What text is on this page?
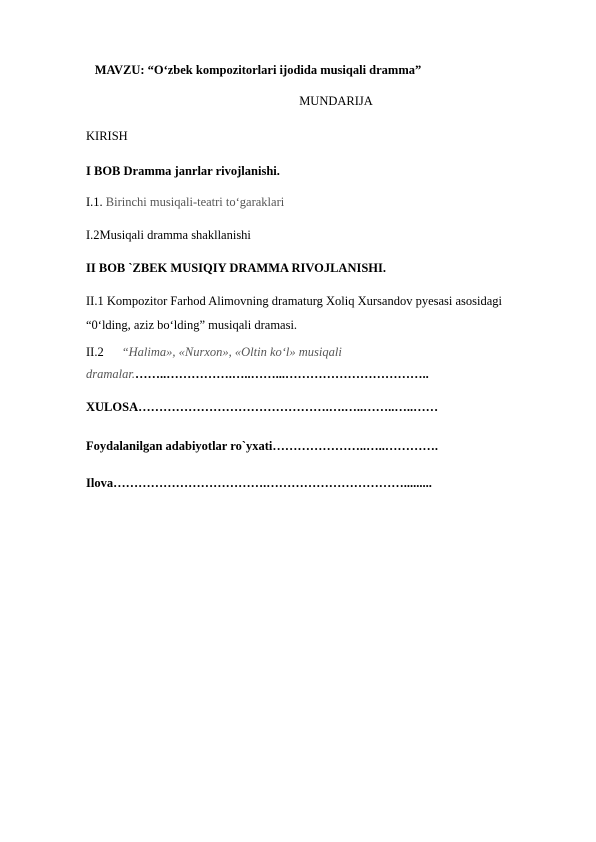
MAVZU: “O‘zbek kompozitorlari ijodida musiqali dramma”
MUNDARIJA
KIRISH
I BOB Dramma janrlar rivojlanishi.
I.1. Birinchi musiqali-teatri to‘garaklari
I.2Musiqali dramma shakllanishi
II BOB `ZBEK MUSIQIY DRAMMA RIVOJLANISHI.
II.1 Kompozitor Farhod Alimovning dramaturg Xoliq Xursandov pyesasi asosidagi
“0‘lding, aziz bo‘lding” musiqali dramasi.
II.2 “Halima», «Nurxon», «Oltin ko‘l» musiqali
dramalar.……..…………….…..……...……………………………..
XULOSA……………………………………….….…..……..…..……
Foydalanilgan adabiyotlar ro`yxati…………………..…..………….
Ilova……………………………….…………………………….........
